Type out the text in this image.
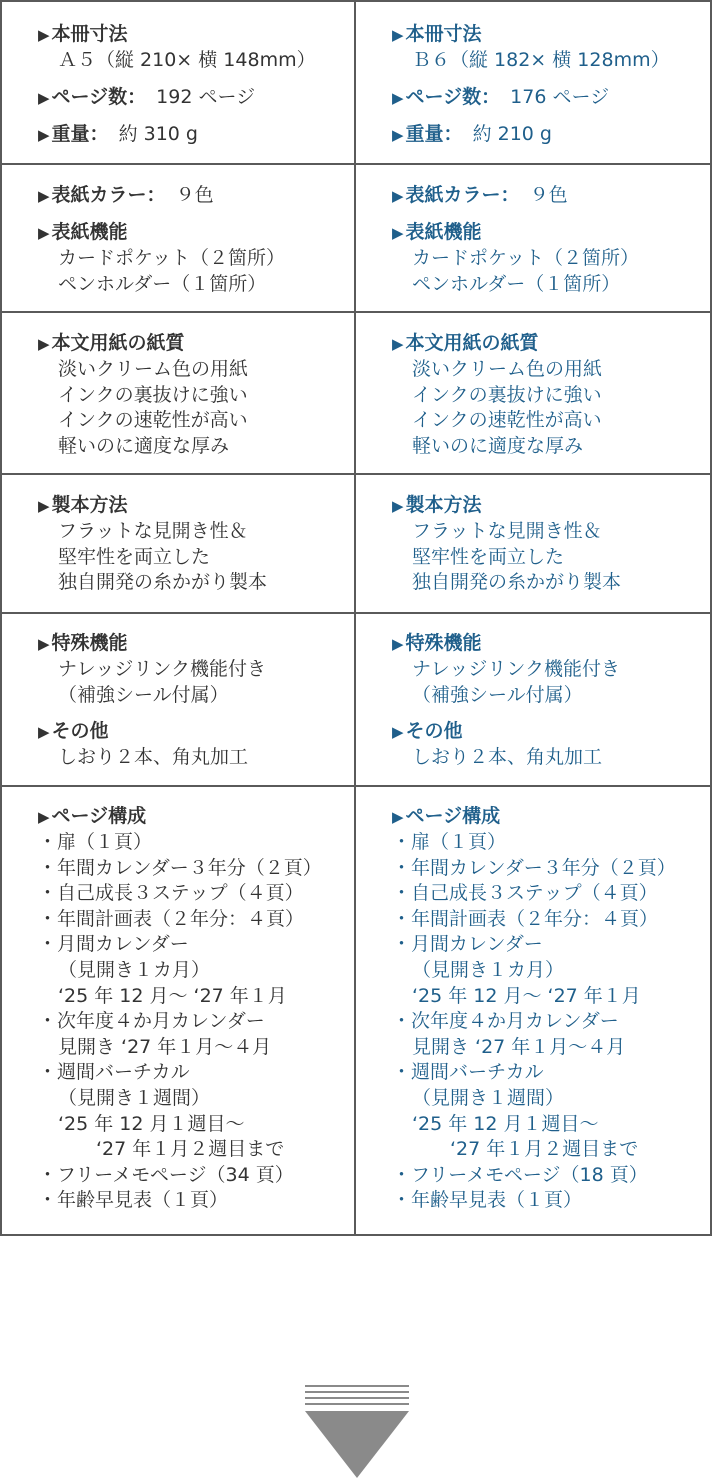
▶ 本冊寸法
Ａ５（縦 210× 横 148mm）
▶ ページ数： 192 ページ
▶ 重量： 約 310 g
▶ 本冊寸法
Ｂ６（縦 182× 横 128mm）
▶ ページ数： 176 ページ
▶ 重量： 約 210 g
▶ 表紙カラー： ９色
▶ 表紙機能
カードポケット（２箇所）
ペンホルダー（１箇所）
▶ 表紙カラー： ９色
▶ 表紙機能
カードポケット（２箇所）
ペンホルダー（１箇所）
▶ 本文用紙の紙質
淡いクリーム色の用紙
インクの裏抜けに強い
インクの速乾性が高い
軽いのに適度な厚み
▶ 本文用紙の紙質
淡いクリーム色の用紙
インクの裏抜けに強い
インクの速乾性が高い
軽いのに適度な厚み
▶ 製本方法
フラットな見開き性＆
堅牢性を両立した
独自開発の糸かがり製本
▶ 製本方法
フラットな見開き性＆
堅牢性を両立した
独自開発の糸かがり製本
▶ 特殊機能
ナレッジリンク機能付き
（補強シール付属）
▶ その他
しおり２本、角丸加工
▶ 特殊機能
ナレッジリンク機能付き
（補強シール付属）
▶ その他
しおり２本、角丸加工
▶ ページ構成
・扉（１頁）
・年間カレンダー３年分（２頁）
・自己成長３ステップ（４頁）
・年間計画表（２年分：４頁）
・月間カレンダー
（見開き１カ月）
‘25 年 12 月〜 ‘27 年１月
・次年度４か月カレンダー
見開き ‘27 年１月〜４月
・週間バーチカル
（見開き１週間）
‘25 年 12 月１週目〜
‘27 年１月２週目まで
・フリーメモページ（34 頁）
・年齢早見表（１頁）
▶ ページ構成
・扉（１頁）
・年間カレンダー３年分（２頁）
・自己成長３ステップ（４頁）
・年間計画表（２年分：４頁）
・月間カレンダー
（見開き１カ月）
‘25 年 12 月〜 ‘27 年１月
・次年度４か月カレンダー
見開き ‘27 年１月〜４月
・週間バーチカル
（見開き１週間）
‘25 年 12 月１週目〜
‘27 年１月２週目まで
・フリーメモページ（18 頁）
・年齢早見表（１頁）
